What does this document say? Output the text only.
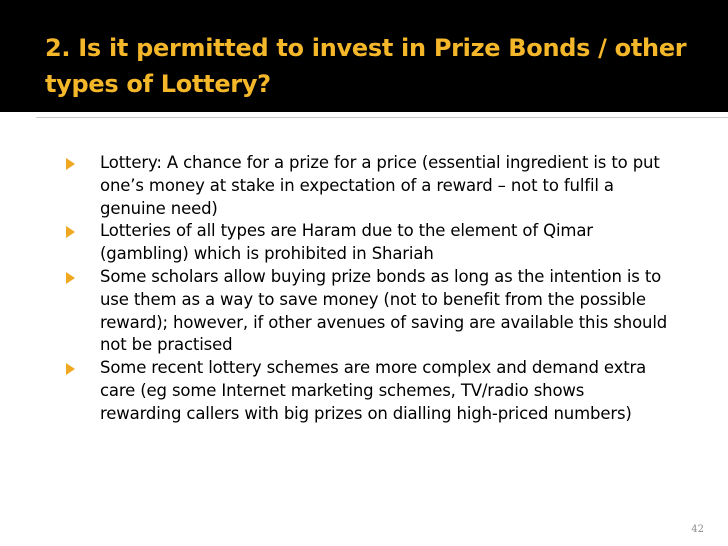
2. Is it permitted to invest in Prize Bonds / other types of Lottery?
Lottery: A chance for a prize for a price (essential ingredient is to put one’s money at stake in expectation of a reward – not to fulfil a genuine need)
Lotteries of all types are Haram due to the element of Qimar (gambling) which is prohibited in Shariah
Some scholars allow buying prize bonds as long as the intention is to use them as a way to save money (not to benefit from the possible reward); however, if other avenues of saving are available this should not be practised
Some recent lottery schemes are more complex and demand extra care (eg some Internet marketing schemes, TV/radio shows rewarding callers with big prizes on dialling high-priced numbers)
42
